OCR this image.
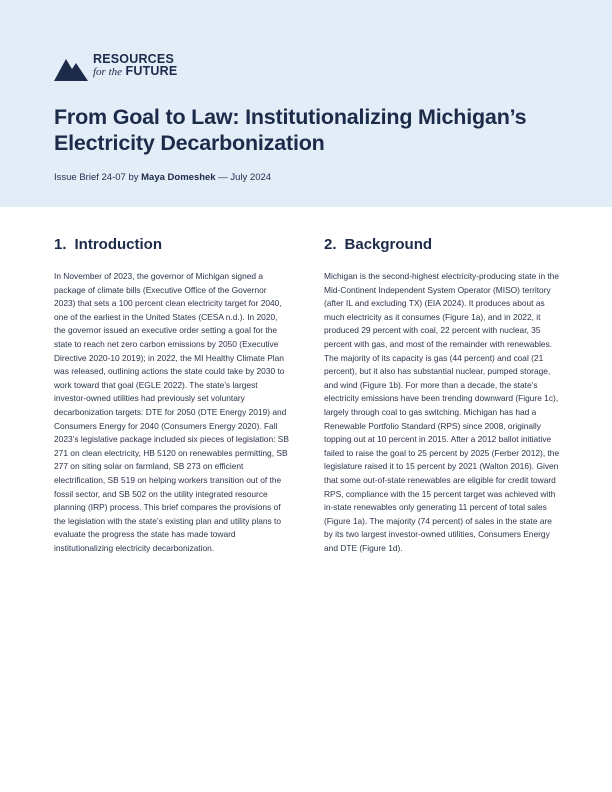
RESOURCES
for the FUTURE
From Goal to Law: Institutionalizing Michigan’s Electricity Decarbonization
Issue Brief 24-07 by Maya Domeshek — July 2024
1. Introduction

In November of 2023, the governor of Michigan signed a package of climate bills (Executive Office of the Governor 2023) that sets a 100 percent clean electricity target for 2040, one of the earliest in the United States (CESA n.d.). In 2020, the governor issued an executive order setting a goal for the state to reach net zero carbon emissions by 2050 (Executive Directive 2020-10 2019); in 2022, the MI Healthy Climate Plan was released, outlining actions the state could take by 2030 to work toward that goal (EGLE 2022). The state’s largest investor-owned utilities had previously set voluntary decarbonization targets: DTE for 2050 (DTE Energy 2019) and Consumers Energy for 2040 (Consumers Energy 2020). Fall 2023’s legislative package included six pieces of legislation: SB 271 on clean electricity, HB 5120 on renewables permitting, SB 277 on siting solar on farmland, SB 273 on efficient electrification, SB 519 on helping workers transition out of the fossil sector, and SB 502 on the utility integrated resource planning (IRP) process. This brief compares the provisions of the legislation with the state’s existing plan and utility plans to evaluate the progress the state has made toward institutionalizing electricity decarbonization.

2. Background

Michigan is the second-highest electricity-producing state in the Mid-Continent Independent System Operator (MISO) territory (after IL and excluding TX) (EIA 2024). It produces about as much electricity as it consumes (Figure 1a), and in 2022, it produced 29 percent with coal, 22 percent with nuclear, 35 percent with gas, and most of the remainder with renewables. The majority of its capacity is gas (44 percent) and coal (21 percent), but it also has substantial nuclear, pumped storage, and wind (Figure 1b). For more than a decade, the state’s electricity emissions have been trending downward (Figure 1c), largely through coal to gas switching. Michigan has had a Renewable Portfolio Standard (RPS) since 2008, originally topping out at 10 percent in 2015. After a 2012 ballot initiative failed to raise the goal to 25 percent by 2025 (Ferber 2012), the legislature raised it to 15 percent by 2021 (Walton 2016). Given that some out-of-state renewables are eligible for credit toward RPS, compliance with the 15 percent target was achieved with in-state renewables only generating 11 percent of total sales (Figure 1a). The majority (74 percent) of sales in the state are by its two largest investor-owned utilities, Consumers Energy and DTE (Figure 1d).
